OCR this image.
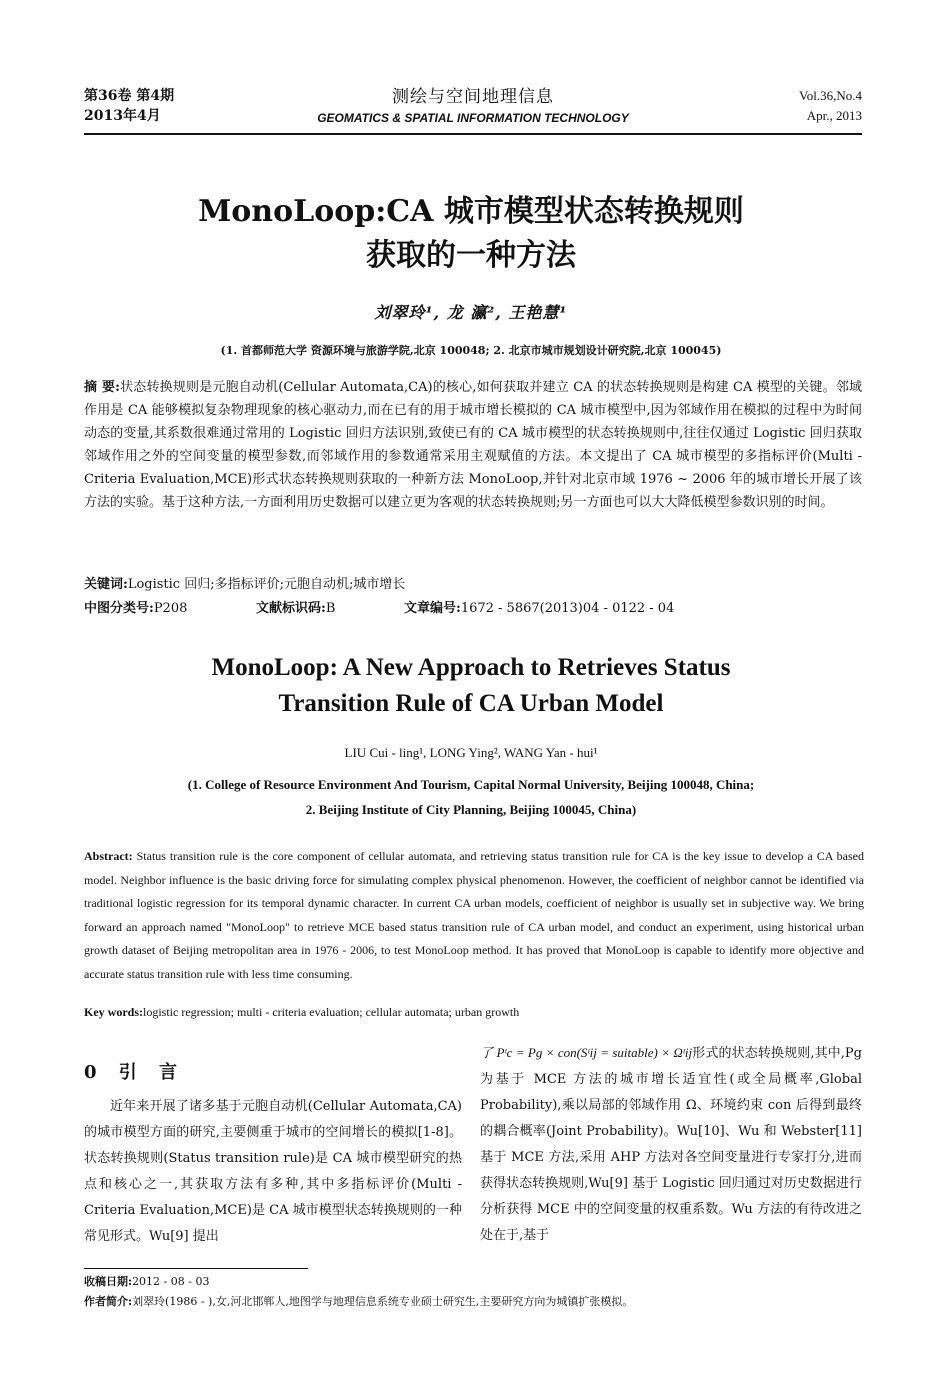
第36卷 第4期
2013年4月
测绘与空间地理信息
GEOMATICS & SPATIAL INFORMATION TECHNOLOGY
Vol.36,No.4
Apr., 2013
MonoLoop:CA 城市模型状态转换规则
获取的一种方法
刘翠玲¹, 龙 瀛², 王艳慧¹
(1. 首都师范大学 资源环境与旅游学院,北京 100048; 2. 北京市城市规划设计研究院,北京 100045)
摘 要:状态转换规则是元胞自动机(Cellular Automata,CA)的核心,如何获取并建立 CA 的状态转换规则是构建 CA 模型的关键。邻域作用是 CA 能够模拟复杂物理现象的核心驱动力,而在已有的用于城市增长模拟的 CA 城市模型中,因为邻域作用在模拟的过程中为时间动态的变量,其系数很难通过常用的 Logistic 回归方法识别,致使已有的 CA 城市模型的状态转换规则中,往往仅通过 Logistic 回归获取邻域作用之外的空间变量的模型参数,而邻域作用的参数通常采用主观赋值的方法。本文提出了 CA 城市模型的多指标评价(Multi - Criteria Evaluation,MCE)形式状态转换规则获取的一种新方法 MonoLoop,并针对北京市域 1976 ~ 2006 年的城市增长开展了该方法的实验。基于这种方法,一方面利用历史数据可以建立更为客观的状态转换规则;另一方面也可以大大降低模型参数识别的时间。
关键词:Logistic 回归;多指标评价;元胞自动机;城市增长
中图分类号: P208	文献标识码: B	文章编号: 1672 - 5867(2013)04 - 0122 - 04
MonoLoop: A New Approach to Retrieves Status
Transition Rule of CA Urban Model
LIU Cui - ling¹, LONG Ying², WANG Yan - hui¹
(1. College of Resource Environment And Tourism, Capital Normal University, Beijing 100048, China;
2. Beijing Institute of City Planning, Beijing 100045, China)
Abstract: Status transition rule is the core component of cellular automata, and retrieving status transition rule for CA is the key issue to develop a CA based model. Neighbor influence is the basic driving force for simulating complex physical phenomenon. However, the coefficient of neighbor cannot be identified via traditional logistic regression for its temporal dynamic character. In current CA urban models, coefficient of neighbor is usually set in subjective way. We bring forward an approach named "MonoLoop" to retrieve MCE based status transition rule of CA urban model, and conduct an experiment, using historical urban growth dataset of Beijing metropolitan area in 1976 - 2006, to test MonoLoop method. It has proved that MonoLoop is capable to identify more objective and accurate status transition rule with less time consuming.
Key words:logistic regression; multi - criteria evaluation; cellular automata; urban growth
0 引 言
近年来开展了诸多基于元胞自动机(Cellular Automata,CA)的城市模型方面的研究,主要侧重于城市的空间增长的模拟[1-8]。状态转换规则(Status transition rule)是 CA 城市模型研究的热点和核心之一,其获取方法有多种,其中多指标评价(Multi - Criteria Evaluation,MCE)是 CA 城市模型状态转换规则的一种常见形式。Wu[9] 提出
了 Pᵗc = Pg × con(Sᵗij = suitable) × Ωᵗij形式的状态转换规则,其中,Pg 为基于 MCE 方法的城市增长适宜性(或全局概率,Global Probability),乘以局部的邻域作用 Ω、环境约束 con 后得到最终的耦合概率(Joint Probability)。Wu[10]、Wu 和 Webster[11] 基于 MCE 方法,采用 AHP 方法对各空间变量进行专家打分,进而获得状态转换规则,Wu[9] 基于 Logistic 回归通过对历史数据进行分析获得 MCE 中的空间变量的权重系数。Wu 方法的有待改进之处在于,基于
收稿日期:2012 - 08 - 03
作者简介:刘翠玲(1986 - ),女,河北邯郸人,地图学与地理信息系统专业硕士研究生,主要研究方向为城镇扩张模拟。
